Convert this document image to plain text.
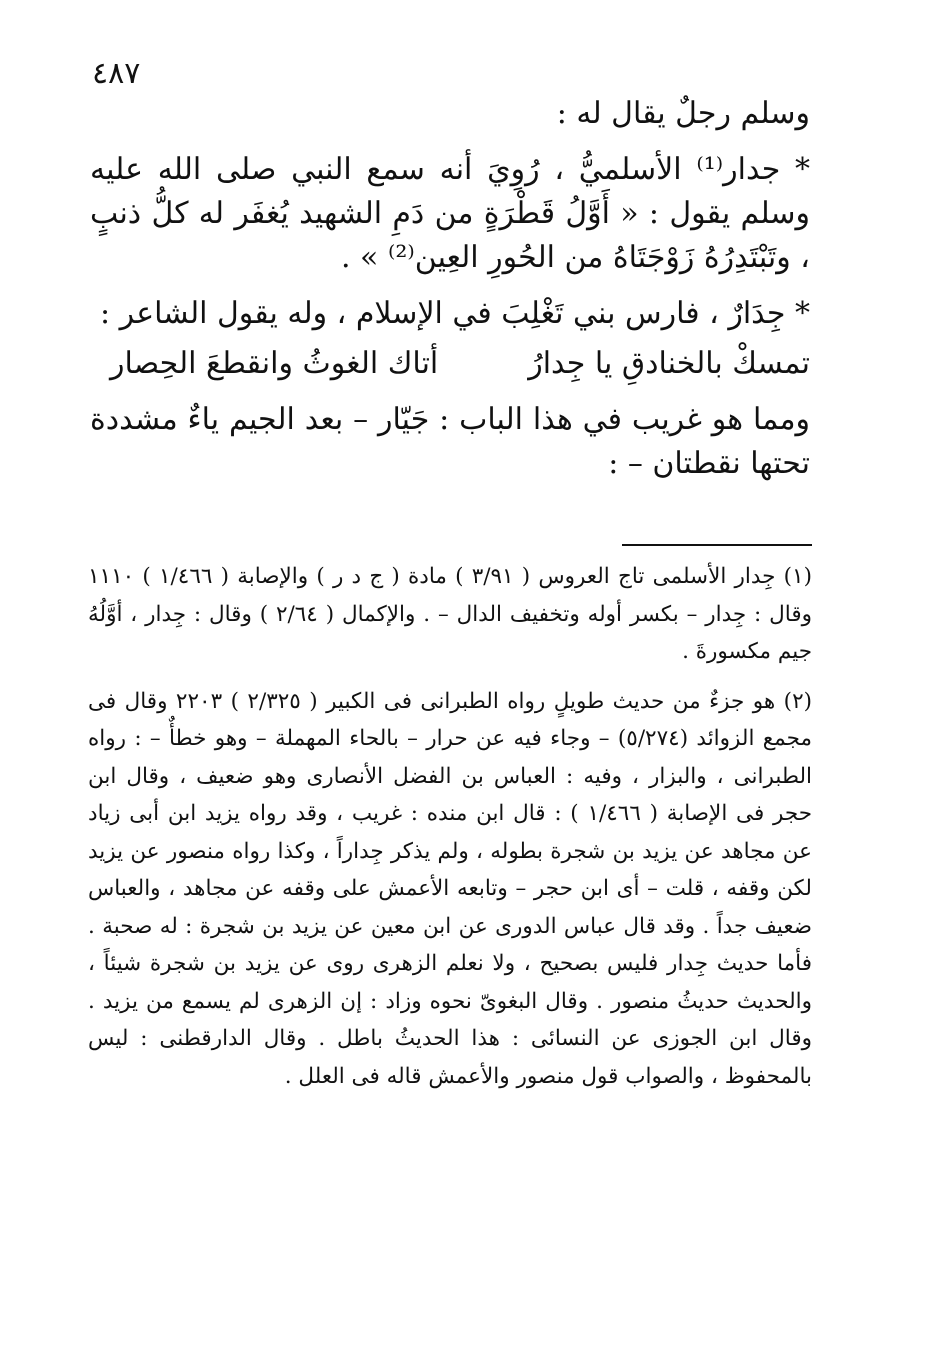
٤٨٧

وسلم رجلٌ يقال له :

* جدار⁽¹⁾ الأسلميُّ ، رُوِيَ أنه سمع النبي صلى الله عليه وسلم يقول : « أَوَّلُ قَطْرَةٍ من دَمِ الشهيد يُغفَر له كلُّ ذنبٍ ، وتَبْتَدِرُهُ زَوْجَتَاهُ من الحُورِ العِين⁽²⁾ » .

* جِدَارٌ ، فارس بني تَغْلِبَ في الإسلام ، وله يقول الشاعر :

تمسكْ بالخنادقِ يا جِدارُ
أتاك الغوثُ وانقطعَ الحِصار

ومما هو غريب في هذا الباب : جَيّار – بعد الجيم ياءٌ مشددة تحتها نقطتان – :

(١) جِدار الأسلمى تاج العروس ( ٣/٩١ ) مادة ( ج د ر ) والإصابة ( ١/٤٦٦ ) ١١١٠ وقال : جِدار – بكسر أوله وتخفيف الدال – . والإكمال ( ٢/٦٤ ) وقال : جِدار ، أوَّلُهُ جيم مكسورةَ .

(٢) هو جزءٌ من حديث طويلٍ رواه الطبرانى فى الكبير ( ٢/٣٢٥ ) ٢٢٠٣ وقال فى مجمع الزوائد (٥/٢٧٤) – وجاء فيه عن حرار – بالحاء المهملة – وهو خطأٌ – : رواه الطبرانى ، والبزار ، وفيه : العباس بن الفضل الأنصارى وهو ضعيف ، وقال ابن حجر فى الإصابة ( ١/٤٦٦ ) : قال ابن منده : غريب ، وقد رواه يزيد ابن أبى زياد عن مجاهد عن يزيد بن شجرة بطوله ، ولم يذكر جِداراً ، وكذا رواه منصور عن يزيد لكن وقفه ، قلت – أى ابن حجر – وتابعه الأعمش على وقفه عن مجاهد ، والعباس ضعيف جداً . وقد قال عباس الدورى عن ابن معين عن يزيد بن شجرة : له صحبة . فأما حديث جِدار فليس بصحيح ، ولا نعلم الزهرى روى عن يزيد بن شجرة شيئاً ، والحديث حديثُ منصور . وقال البغوىّ نحوه وزاد : إن الزهرى لم يسمع من يزيد . وقال ابن الجوزى عن النسائى : هذا الحديثُ باطل . وقال الدارقطنى : ليس بالمحفوظ ، والصواب قول منصور والأعمش قاله فى العلل .
